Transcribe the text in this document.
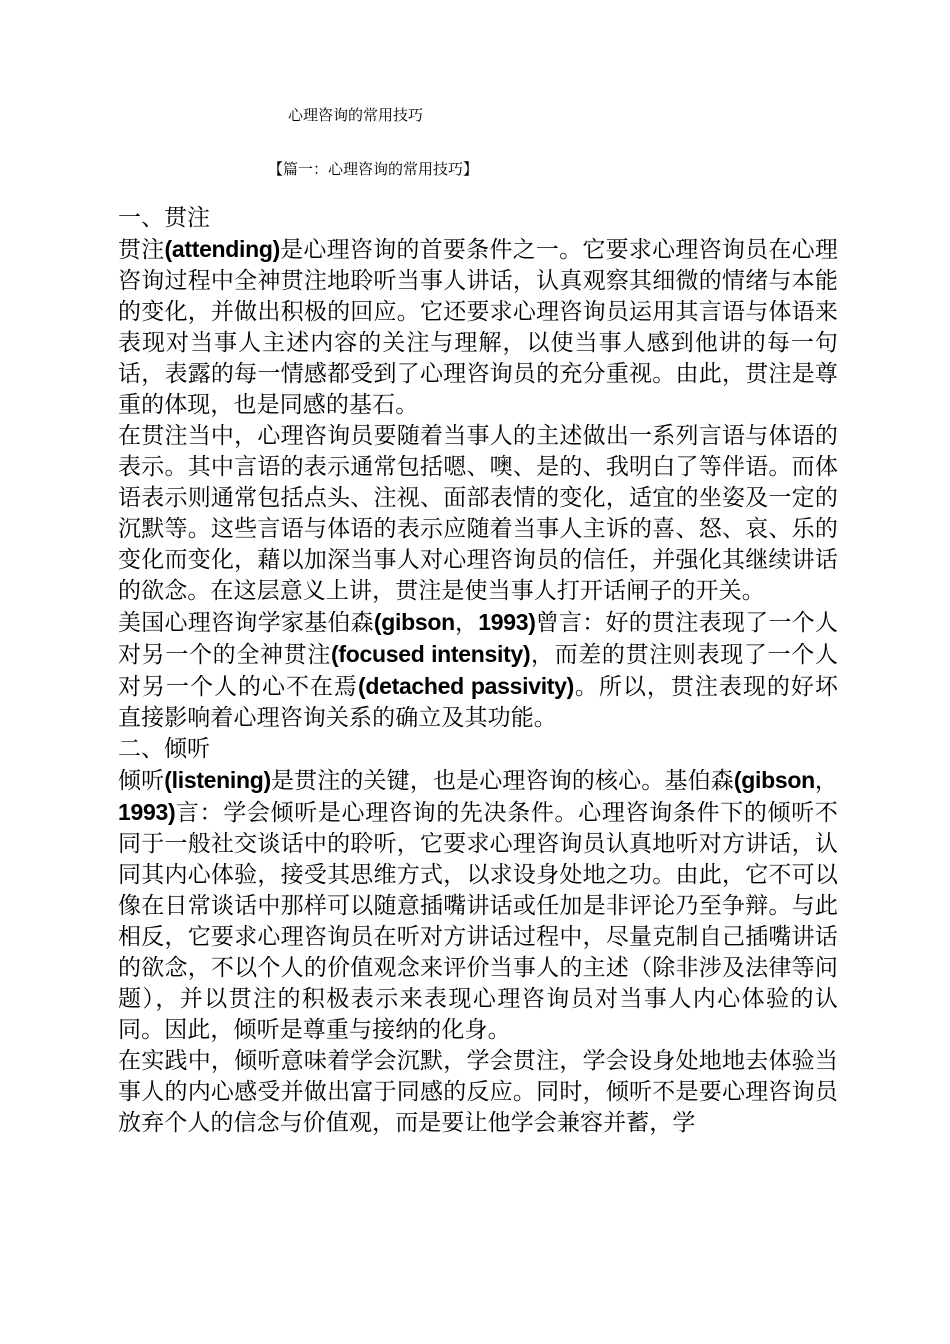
心理咨询的常用技巧
【篇一：心理咨询的常用技巧】
一、贯注

贯注(attending)是心理咨询的首要条件之一。它要求心理咨询员在心理咨询过程中全神贯注地聆听当事人讲话，认真观察其细微的情绪与本能的变化，并做出积极的回应。它还要求心理咨询员运用其言语与体语来表现对当事人主述内容的关注与理解，以使当事人感到他讲的每一句话，表露的每一情感都受到了心理咨询员的充分重视。由此，贯注是尊重的体现，也是同感的基石。

在贯注当中，心理咨询员要随着当事人的主述做出一系列言语与体语的表示。其中言语的表示通常包括嗯、噢、是的、我明白了等伴语。而体语表示则通常包括点头、注视、面部表情的变化，适宜的坐姿及一定的沉默等。这些言语与体语的表示应随着当事人主诉的喜、怒、哀、乐的变化而变化，藉以加深当事人对心理咨询员的信任，并强化其继续讲话的欲念。在这层意义上讲，贯注是使当事人打开话闸子的开关。

美国心理咨询学家基伯森(gibson，1993)曾言：好的贯注表现了一个人对另一个的全神贯注(focused intensity)，而差的贯注则表现了一个人对另一个人的心不在焉(detached passivity)。所以，贯注表现的好坏直接影响着心理咨询关系的确立及其功能。

二、倾听

倾听(listening)是贯注的关键，也是心理咨询的核心。基伯森(gibson，1993)言：学会倾听是心理咨询的先决条件。心理咨询条件下的倾听不同于一般社交谈话中的聆听，它要求心理咨询员认真地听对方讲话，认同其内心体验，接受其思维方式，以求设身处地之功。由此，它不可以像在日常谈话中那样可以随意插嘴讲话或任加是非评论乃至争辩。与此相反，它要求心理咨询员在听对方讲话过程中，尽量克制自己插嘴讲话的欲念，不以个人的价值观念来评价当事人的主述（除非涉及法律等问题），并以贯注的积极表示来表现心理咨询员对当事人内心体验的认同。因此，倾听是尊重与接纳的化身。

在实践中，倾听意味着学会沉默，学会贯注，学会设身处地地去体验当事人的内心感受并做出富于同感的反应。同时，倾听不是要心理咨询员放弃个人的信念与价值观，而是要让他学会兼容并蓄，学
